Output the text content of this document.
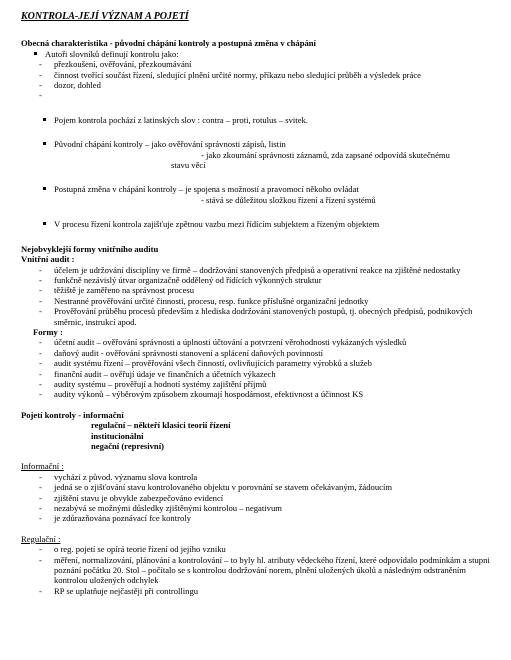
KONTROLA-JEJÍ VÝZNAM A POJETÍ
Obecná charakteristika - původní chápání kontroly a postupná změna v chápání
Autoři slovníků definují kontrolu jako:
- přezkoušení, ověřování, přezkoumávání
- činnost tvořící součást řízení, sledující plnění určité normy, příkazu nebo sledující průběh a výsledek práce
- dozor, dohled
-
Pojem kontrola pochází z latinských slov : contra – proti, rotulus – svitek.
Původní chápání kontroly – jako ověřování správnosti zápisů, listin
- jako zkoumání správnosti záznamů, zda zapsané odpovídá skutečnému
stavu věcí
Postupná změna v chápání kontroly – je spojena s možností a pravomocí někoho ovládat
- stává se důležitou složkou řízení a řízení systémů
V procesu řízení kontrola zajišťuje zpětnou vazbu mezi řídícím subjektem a řízeným objektem
Nejobvyklejší formy vnitřního auditu
Vnitřní audit :
- účelem je udržování disciplíny ve firmě – dodržování stanovených předpisů a operativní reakce na zjištěné nedostatky
- funkčně nezávislý útvar organizačně oddělený od řídících výkonných struktur
- těžiště je zaměřeno na správnost procesu
- Nestranné prověřování určité činnosti, procesu, resp. funkce příslušné organizační jednotky
- Prověřování průběhu procesů především z hlediska dodržování stanovených postupů, tj. obecných předpisů, podnikových směrnic, instrukcí apod.
Formy :
- účetní audit – ověřování správnosti a úplnosti účtování a potvrzení věrohodnosti vykázaných výsledků
- daňový audit - ověřování správnosti stanovení a splácení daňových povinností
- audit systému řízení – prověřování všech činností, ovlivňujících parametry výrobků a služeb
- finanční audit – ověřují údaje ve finančních a účetních výkazech
- audity systému – prověřují a hodnotí systémy zajištění příjmů
- audity výkonů – výběrovým způsobem zkoumají hospodárnost, efektivnost a účinnost KS
Pojetí kontroly - informační
regulační – někteří klasici teorií řízení
institucionální
negační (represivní)
Informační :
- vychází z původ. významu slova kontrola
- jedná se o zjišťování stavu kontrolovaného objektu v porovnání se stavem očekávaným, žádoucím
- zjištění stavu je obvykle zabezpečováno evidencí
- nezabývá se možnými důsledky zjištěnými kontrolou – negativum
- je zdůrazňována poznávací fce kontroly
Regulační :
- o reg. pojetí se opírá teorie řízení od jejího vzniku
- měření, normalizování, plánování a kontrolování – to byly hl. atributy vědeckého řízení, které odpovídalo podmínkám a stupni poznání počátku 20. Stol – počítalo se s kontrolou dodržování norem, plnění uložených úkolů a následným odstraněním kontrolou uložených odchylek
- RP se uplatňuje nejčastěji při controllingu
